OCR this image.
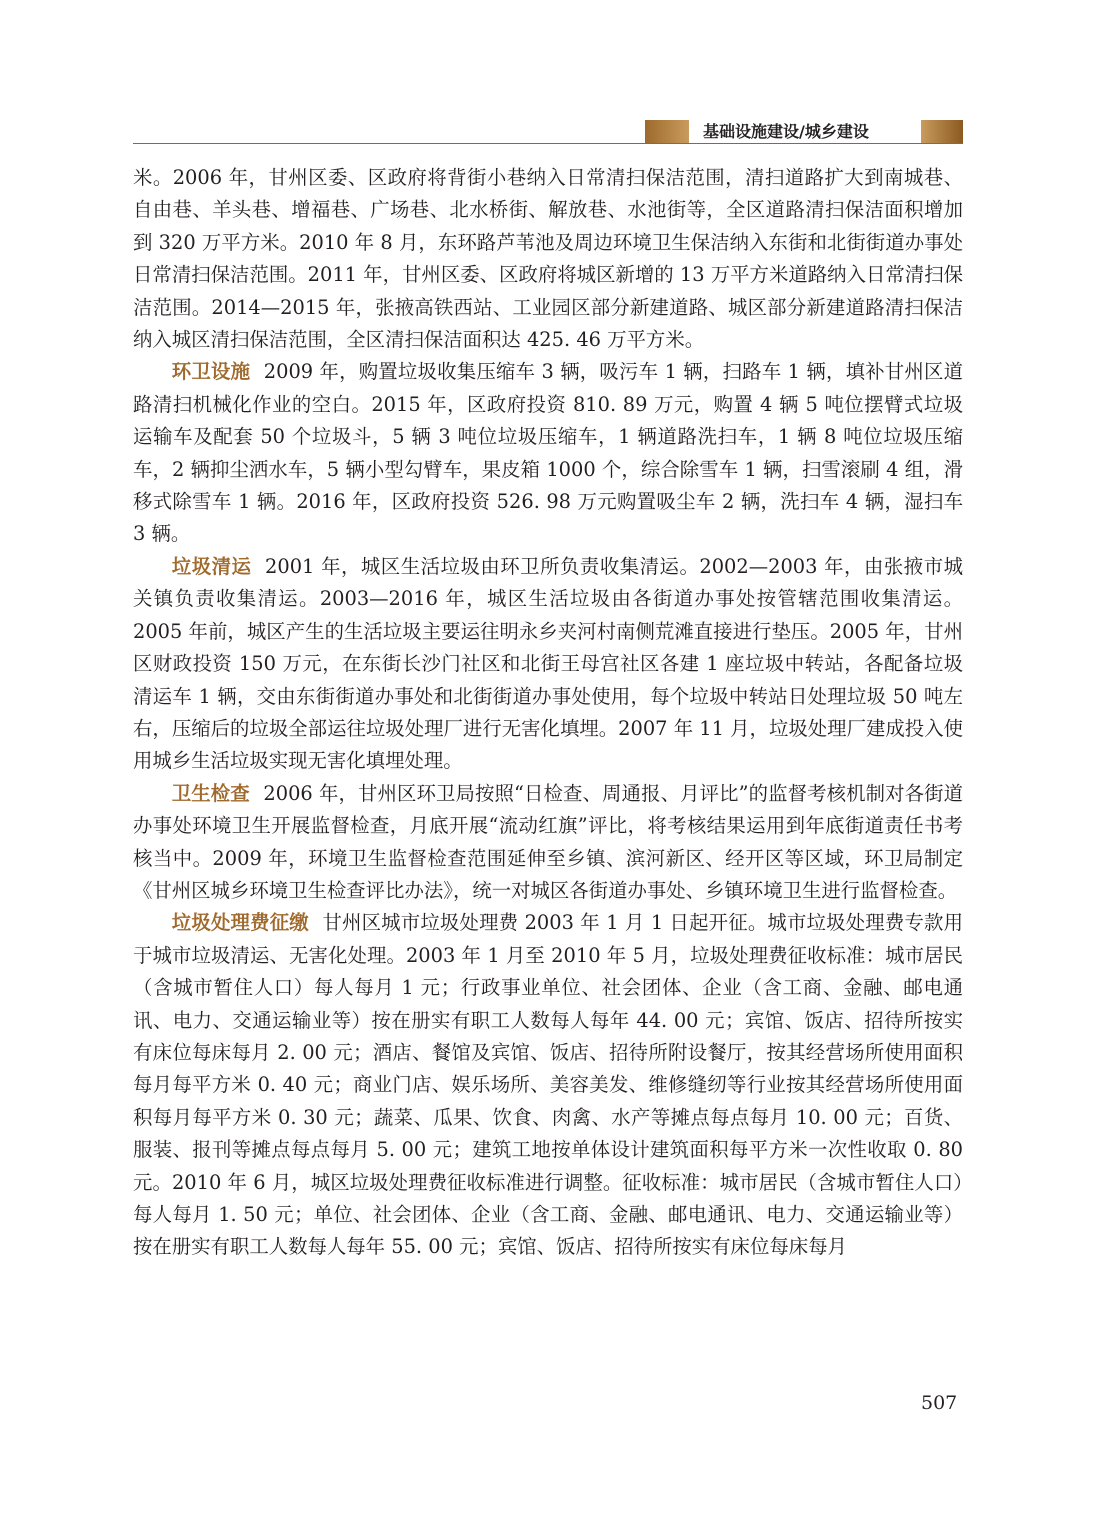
基础设施建设/城乡建设

米。2006 年，甘州区委、区政府将背街小巷纳入日常清扫保洁范围，清扫道路扩大到南城巷、自由巷、羊头巷、增福巷、广场巷、北水桥街、解放巷、水池街等，全区道路清扫保洁面积增加到 320 万平方米。2010 年 8 月，东环路芦苇池及周边环境卫生保洁纳入东街和北街街道办事处日常清扫保洁范围。2011 年，甘州区委、区政府将城区新增的 13 万平方米道路纳入日常清扫保洁范围。2014—2015 年，张掖高铁西站、工业园区部分新建道路、城区部分新建道路清扫保洁纳入城区清扫保洁范围，全区清扫保洁面积达 425. 46 万平方米。

环卫设施 2009 年，购置垃圾收集压缩车 3 辆，吸污车 1 辆，扫路车 1 辆，填补甘州区道路清扫机械化作业的空白。2015 年，区政府投资 810. 89 万元，购置 4 辆 5 吨位摆臂式垃圾运输车及配套 50 个垃圾斗，5 辆 3 吨位垃圾压缩车，1 辆道路洗扫车，1 辆 8 吨位垃圾压缩车，2 辆抑尘洒水车，5 辆小型勾臂车，果皮箱 1000 个，综合除雪车 1 辆，扫雪滚刷 4 组，滑移式除雪车 1 辆。2016 年，区政府投资 526. 98 万元购置吸尘车 2 辆，洗扫车 4 辆，湿扫车 3 辆。

垃圾清运 2001 年，城区生活垃圾由环卫所负责收集清运。2002—2003 年，由张掖市城关镇负责收集清运。2003—2016 年，城区生活垃圾由各街道办事处按管辖范围收集清运。2005 年前，城区产生的生活垃圾主要运往明永乡夹河村南侧荒滩直接进行垫压。2005 年，甘州区财政投资 150 万元，在东街长沙门社区和北街王母宫社区各建 1 座垃圾中转站，各配备垃圾清运车 1 辆，交由东街街道办事处和北街街道办事处使用，每个垃圾中转站日处理垃圾 50 吨左右，压缩后的垃圾全部运往垃圾处理厂进行无害化填埋。2007 年 11 月，垃圾处理厂建成投入使用城乡生活垃圾实现无害化填埋处理。

卫生检查 2006 年，甘州区环卫局按照“日检查、周通报、月评比”的监督考核机制对各街道办事处环境卫生开展监督检查，月底开展“流动红旗”评比，将考核结果运用到年底街道责任书考核当中。2009 年，环境卫生监督检查范围延伸至乡镇、滨河新区、经开区等区域，环卫局制定《甘州区城乡环境卫生检查评比办法》，统一对城区各街道办事处、乡镇环境卫生进行监督检查。

垃圾处理费征缴 甘州区城市垃圾处理费 2003 年 1 月 1 日起开征。城市垃圾处理费专款用于城市垃圾清运、无害化处理。2003 年 1 月至 2010 年 5 月，垃圾处理费征收标准：城市居民（含城市暂住人口）每人每月 1 元；行政事业单位、社会团体、企业（含工商、金融、邮电通讯、电力、交通运输业等）按在册实有职工人数每人每年 44. 00 元；宾馆、饭店、招待所按实有床位每床每月 2. 00 元；酒店、餐馆及宾馆、饭店、招待所附设餐厅，按其经营场所使用面积每月每平方米 0. 40 元；商业门店、娱乐场所、美容美发、维修缝纫等行业按其经营场所使用面积每月每平方米 0. 30 元；蔬菜、瓜果、饮食、肉禽、水产等摊点每点每月 10. 00 元；百货、服装、报刊等摊点每点每月 5. 00 元；建筑工地按单体设计建筑面积每平方米一次性收取 0. 80 元。2010 年 6 月，城区垃圾处理费征收标准进行调整。征收标准：城市居民（含城市暂住人口）每人每月 1. 50 元；单位、社会团体、企业（含工商、金融、邮电通讯、电力、交通运输业等）按在册实有职工人数每人每年 55. 00 元；宾馆、饭店、招待所按实有床位每床每月

507
